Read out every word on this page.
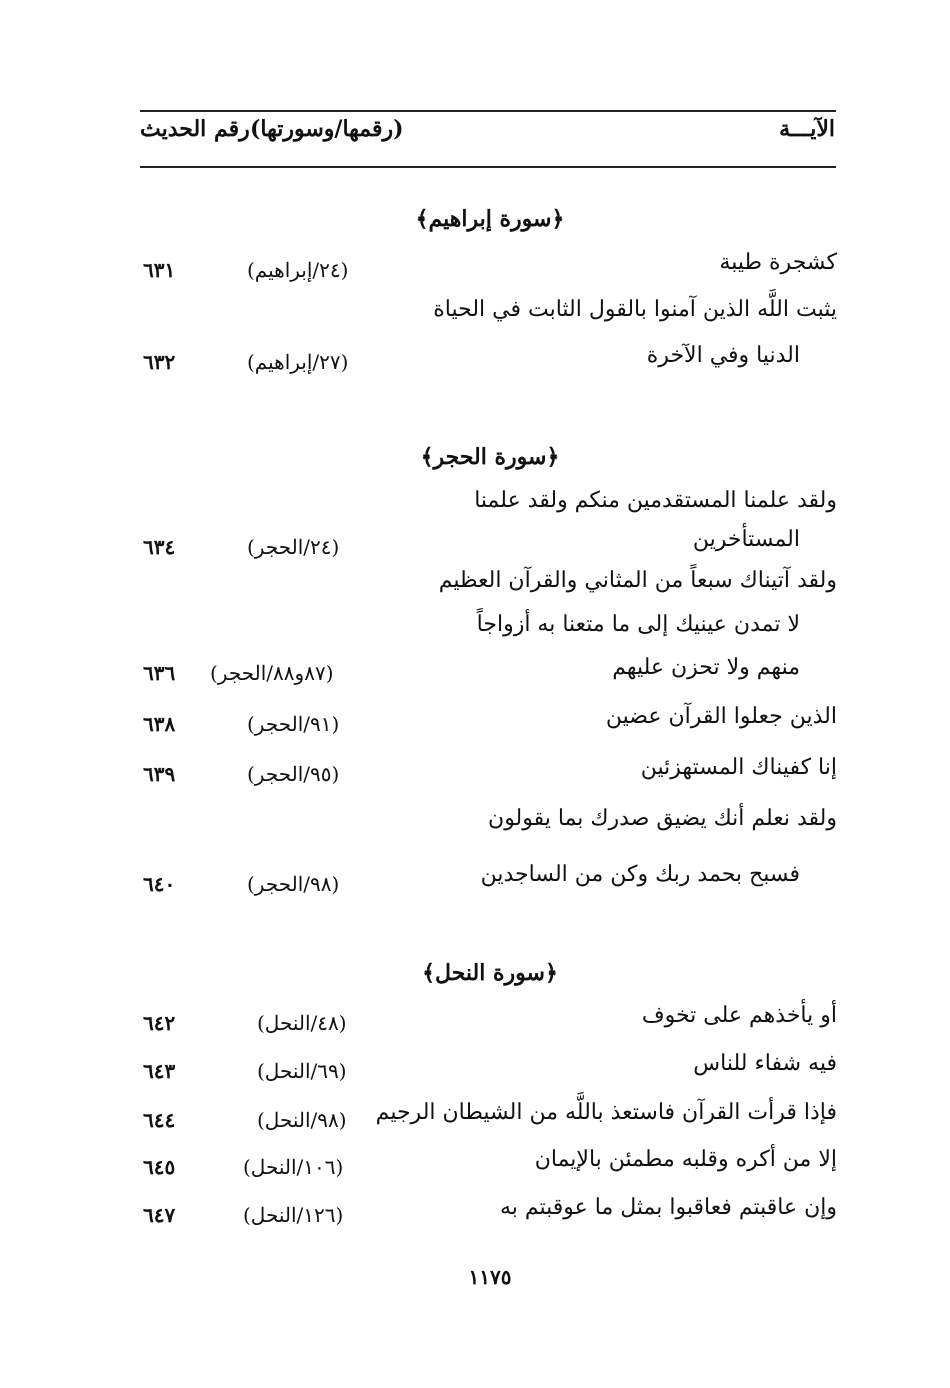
الآيـــة
(رقمها/وسورتها)
رقم الحديث
﴿سورة إبراهيم﴾
كشجرة طيبة
(٢٤/إبراهيم)
٦٣١
يثبت اللَّه الذين آمنوا بالقول الثابت في الحياة
الدنيا وفي الآخرة
(٢٧/إبراهيم)
٦٣٢
﴿سورة الحجر﴾
ولقد علمنا المستقدمين منكم ولقد علمنا
المستأخرين
(٢٤/الحجر)
٦٣٤
ولقد آتيناك سبعاً من المثاني والقرآن العظيم
لا تمدن عينيك إلى ما متعنا به أزواجاً
منهم ولا تحزن عليهم
(٨٧و٨٨/الحجر)
٦٣٦
الذين جعلوا القرآن عضين
(٩١/الحجر)
٦٣٨
إنا كفيناك المستهزئين
(٩٥/الحجر)
٦٣٩
ولقد نعلم أنك يضيق صدرك بما يقولون
فسبح بحمد ربك وكن من الساجدين
(٩٨/الحجر)
٦٤٠
﴿سورة النحل﴾
أو يأخذهم على تخوف
(٤٨/النحل)
٦٤٢
فيه شفاء للناس
(٦٩/النحل)
٦٤٣
فإذا قرأت القرآن فاستعذ باللَّه من الشيطان الرجيم
(٩٨/النحل)
٦٤٤
إلا من أكره وقلبه مطمئن بالإيمان
(١٠٦/النحل)
٦٤٥
وإن عاقبتم فعاقبوا بمثل ما عوقبتم به
(١٢٦/النحل)
٦٤٧
١١٧٥
